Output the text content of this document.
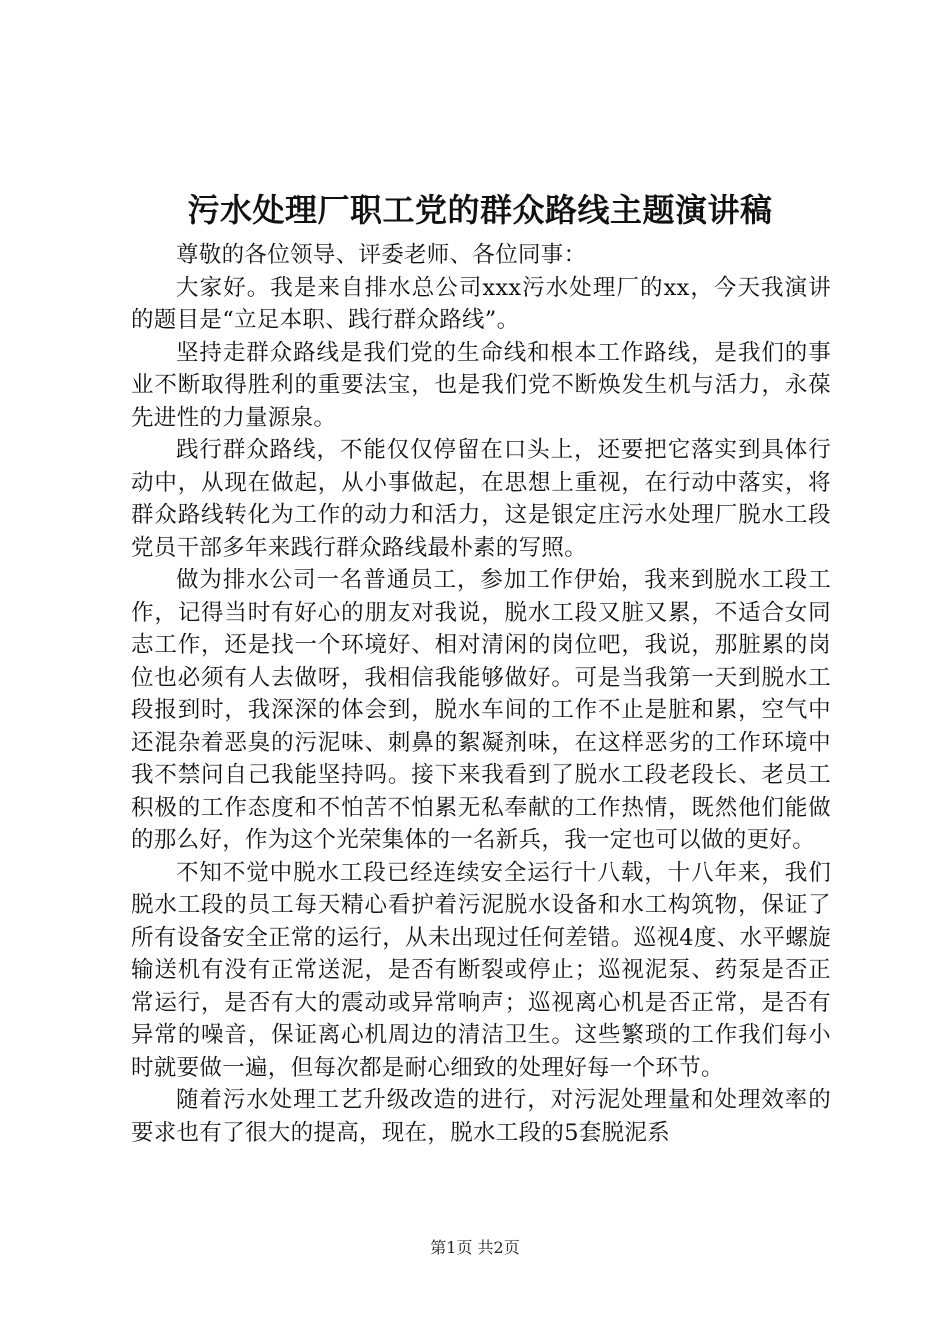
污水处理厂职工党的群众路线主题演讲稿

尊敬的各位领导、评委老师、各位同事：

大家好。我是来自排水总公司xxx污水处理厂的xx，今天我演讲的题目是“立足本职、践行群众路线”。

坚持走群众路线是我们党的生命线和根本工作路线，是我们的事业不断取得胜利的重要法宝，也是我们党不断焕发生机与活力，永葆先进性的力量源泉。

践行群众路线，不能仅仅停留在口头上，还要把它落实到具体行动中，从现在做起，从小事做起，在思想上重视，在行动中落实，将群众路线转化为工作的动力和活力，这是银定庄污水处理厂脱水工段党员干部多年来践行群众路线最朴素的写照。

做为排水公司一名普通员工，参加工作伊始，我来到脱水工段工作，记得当时有好心的朋友对我说，脱水工段又脏又累，不适合女同志工作，还是找一个环境好、相对清闲的岗位吧，我说，那脏累的岗位也必须有人去做呀，我相信我能够做好。可是当我第一天到脱水工段报到时，我深深的体会到，脱水车间的工作不止是脏和累，空气中还混杂着恶臭的污泥味、刺鼻的絮凝剂味，在这样恶劣的工作环境中我不禁问自己我能坚持吗。接下来我看到了脱水工段老段长、老员工积极的工作态度和不怕苦不怕累无私奉献的工作热情，既然他们能做的那么好，作为这个光荣集体的一名新兵，我一定也可以做的更好。

不知不觉中脱水工段已经连续安全运行十八载，十八年来，我们脱水工段的员工每天精心看护着污泥脱水设备和水工构筑物，保证了所有设备安全正常的运行，从未出现过任何差错。巡视4度、水平螺旋输送机有没有正常送泥，是否有断裂或停止；巡视泥泵、药泵是否正常运行，是否有大的震动或异常响声；巡视离心机是否正常，是否有异常的噪音，保证离心机周边的清洁卫生。这些繁琐的工作我们每小时就要做一遍，但每次都是耐心细致的处理好每一个环节。

随着污水处理工艺升级改造的进行，对污泥处理量和处理效率的要求也有了很大的提高，现在，脱水工段的5套脱泥系

第1页 共2页
